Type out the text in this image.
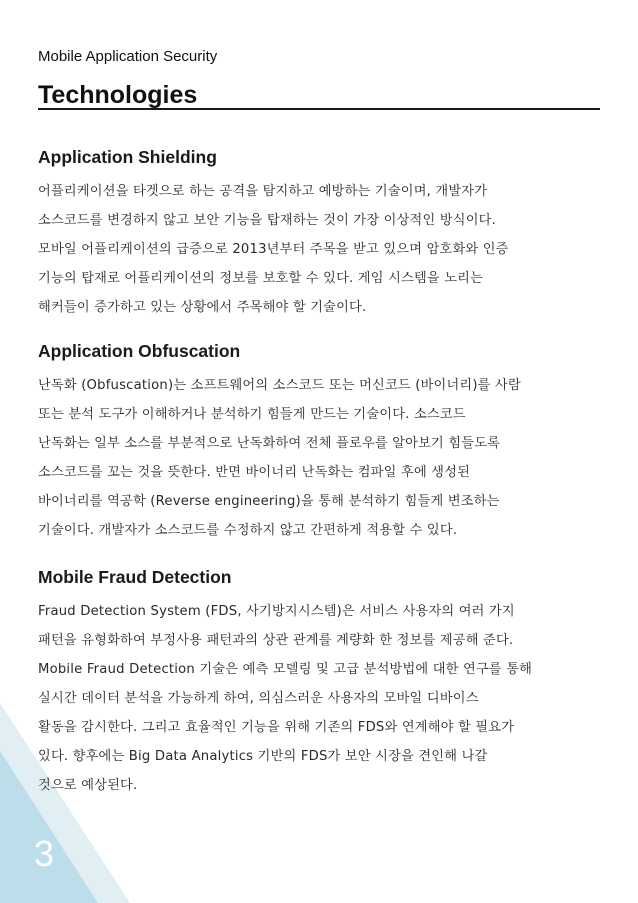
3
Mobile Application Security
Technologies
Application Shielding
어플리케이션을 타겟으로 하는 공격을 탐지하고 예방하는 기술이며, 개발자가
소스코드를 변경하지 않고 보안 기능을 탑재하는 것이 가장 이상적인 방식이다.
모바일 어플리케이션의 급증으로 2013년부터 주목을 받고 있으며 암호화와 인증
기능의 탑재로 어플리케이션의 정보를 보호할 수 있다. 게임 시스템을 노리는
해커들이 증가하고 있는 상황에서 주목해야 할 기술이다.
Application Obfuscation
난독화 (Obfuscation)는 소프트웨어의 소스코드 또는 머신코드 (바이너리)를 사람
또는 분석 도구가 이해하거나 분석하기 힘들게 만드는 기술이다. 소스코드
난독화는 일부 소스를 부분적으로 난독화하여 전체 플로우를 알아보기 힘들도록
소스코드를 꼬는 것을 뜻한다. 반면 바이너리 난독화는 컴파일 후에 생성된
바이너리를 역공학 (Reverse engineering)을 통해 분석하기 힘들게 변조하는
기술이다. 개발자가 소스코드를 수정하지 않고 간편하게 적용할 수 있다.
Mobile Fraud Detection
Fraud Detection System (FDS, 사기방지시스템)은 서비스 사용자의 여러 가지
패턴을 유형화하여 부정사용 패턴과의 상관 관계를 계량화 한 정보를 제공해 준다.
Mobile Fraud Detection 기술은 예측 모델링 및 고급 분석방법에 대한 연구를 통해
실시간 데이터 분석을 가능하게 하여, 의심스러운 사용자의 모바일 디바이스
활동을 감시한다. 그리고 효율적인 기능을 위해 기존의 FDS와 연계해야 할 필요가
있다. 향후에는 Big Data Analytics 기반의 FDS가 보안 시장을 견인해 나갈
것으로 예상된다.
